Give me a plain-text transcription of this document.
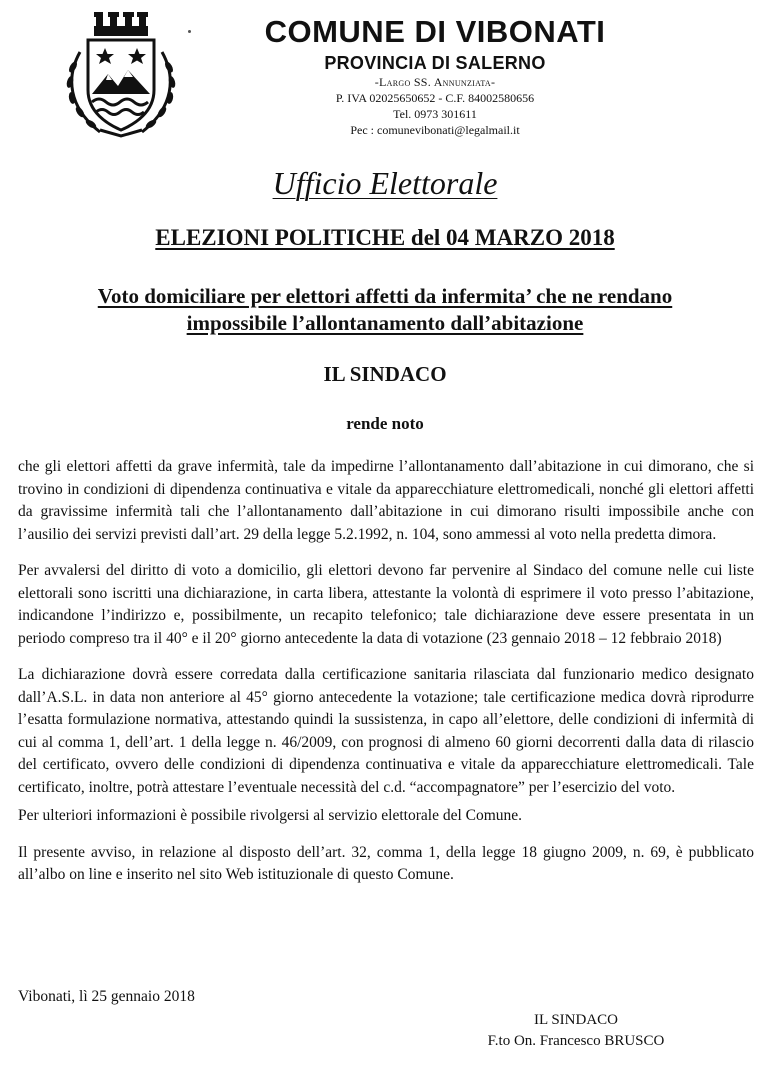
COMUNE DI VIBONATI
PROVINCIA DI SALERNO
-Largo SS. Annunziata-
P. IVA 02025650652 - C.F. 84002580656
Tel. 0973 301611
Pec : comunevibonati@legalmail.it
Ufficio Elettorale
ELEZIONI POLITICHE del 04 MARZO 2018
Voto domiciliare per elettori affetti da infermita’ che ne rendano
impossibile l’allontanamento dall’abitazione
IL SINDACO
rende noto

che gli elettori affetti da grave infermità, tale da impedirne l’allontanamento dall’abitazione in cui dimorano, che si trovino in condizioni di dipendenza continuativa e vitale da apparecchiature elettromedicali, nonché gli elettori affetti da gravissime infermità tali che l’allontanamento dall’abitazione in cui dimorano risulti impossibile anche con l’ausilio dei servizi previsti dall’art. 29 della legge 5.2.1992, n. 104, sono ammessi al voto nella predetta dimora.

Per avvalersi del diritto di voto a domicilio, gli elettori devono far pervenire al Sindaco del comune nelle cui liste elettorali sono iscritti una dichiarazione, in carta libera, attestante la volontà di esprimere il voto presso l’abitazione, indicandone l’indirizzo e, possibilmente, un recapito telefonico; tale dichiarazione deve essere presentata in un periodo compreso tra il 40° e il 20° giorno antecedente la data di votazione (23 gennaio 2018 – 12 febbraio 2018)

La dichiarazione dovrà essere corredata dalla certificazione sanitaria rilasciata dal funzionario medico designato dall’A.S.L. in data non anteriore al 45° giorno antecedente la votazione; tale certificazione medica dovrà riprodurre l’esatta formulazione normativa, attestando quindi la sussistenza, in capo all’elettore, delle condizioni di infermità di cui al comma 1, dell’art. 1 della legge n. 46/2009, con prognosi di almeno 60 giorni decorrenti dalla data di rilascio del certificato, ovvero delle condizioni di dipendenza continuativa e vitale da apparecchiature elettromedicali. Tale certificato, inoltre, potrà attestare l’eventuale necessità del c.d. “accompagnatore” per l’esercizio del voto.

Per ulteriori informazioni è possibile rivolgersi al servizio elettorale del Comune.

Il presente avviso, in relazione al disposto dell’art. 32, comma 1, della legge 18 giugno 2009, n. 69, è pubblicato all’albo on line e inserito nel sito Web istituzionale di questo Comune.

Vibonati, lì 25 gennaio 2018
IL SINDACO
F.to On. Francesco BRUSCO
